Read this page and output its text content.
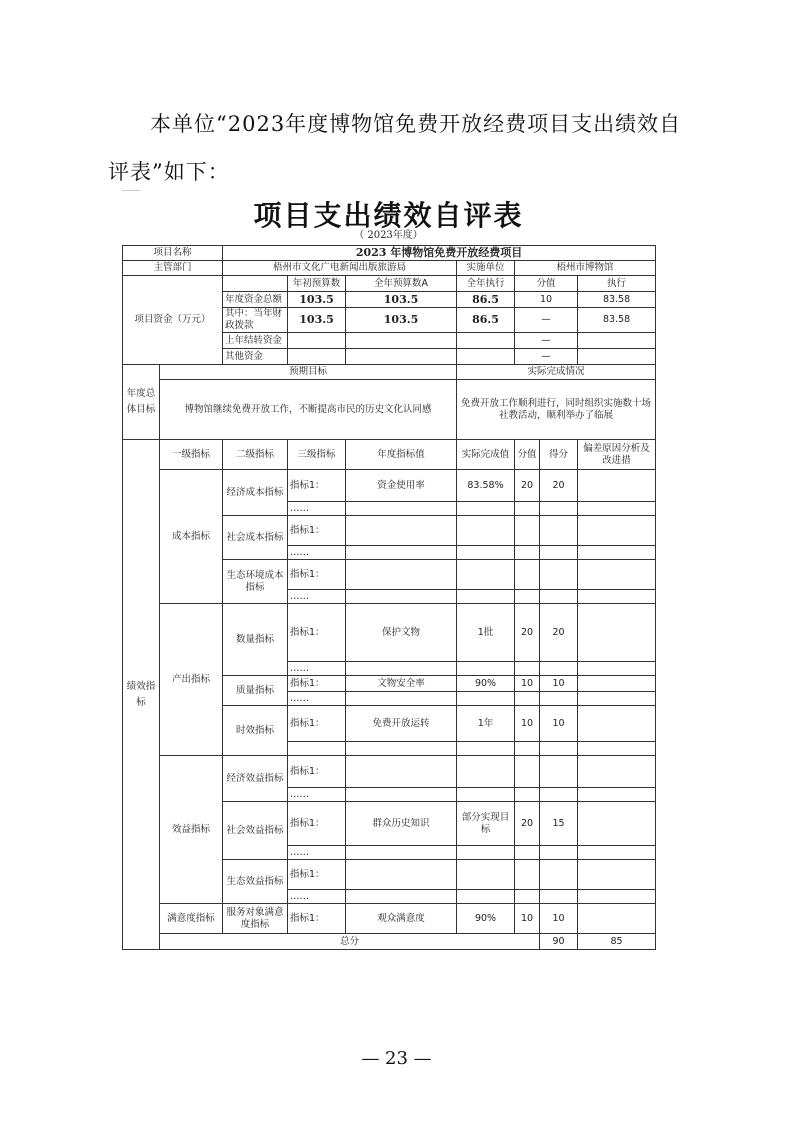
本单位“2023年度博物馆免费开放经费项目支出绩效自评表”如下：
项目支出绩效自评表
（ 2023年度）
项目名称		2023 年博物馆免费开放经费项目							
主管部门		梧州市文化广电新闻出版旅游局			实施单位	梧州市博物馆			
项目资金（万元）			年初预算数	全年预算数A	全年执行	分值		执行	
		年度资金总额	103.5	103.5	86.5	10		83.58	
		其中：当年财政拨款	103.5	103.5	86.5	—		83.58	
		上年结转资金				—		
		其他资金				—		
年度总体目标	预期目标				实际完成情况				
	博物馆继续免费开放工作，不断提高市民的历史文化认同感				免费开放工作顺利进行，同时组织实施数十场社教活动，顺利举办了临展				
绩效指标	一级指标	二级指标	三级指标	年度指标值	实际完成值	分值	得分	偏差原因分析及改进措	
	成本指标	经济成本指标	指标1：	资金使用率	83.58%	20	20		
			……						
		社会成本指标	指标1：						
			……						
		生态环境成本指标	指标1：						
			……						
	产出指标	数量指标	指标1：	保护文物	1批	20	20		
			……						
		质量指标	指标1：	文物安全率	90%	10	10		
			……						
		时效指标	指标1：	免费开放运转	1年	10	10		

	效益指标	经济效益指标	指标1：						
			……						
		社会效益指标	指标1：	群众历史知识	部分实现目标	20	15		
			……						
		生态效益指标	指标1：						
			……						
	满意度指标	服务对象满意度指标	指标1：	观众满意度	90%	10	10		
	总分						90	85	
— 23 —
